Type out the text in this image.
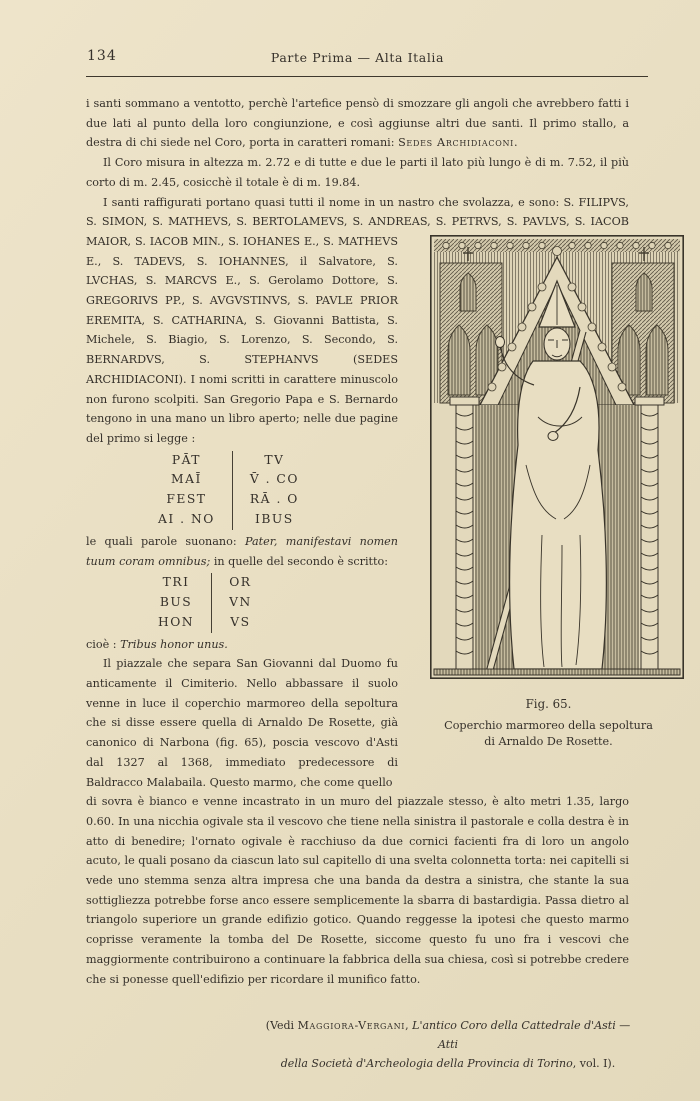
134	Parte Prima — Alta Italia
i santi sommano a ventotto, perchè l'artefice pensò di smozzare gli angoli che avrebbero fatti i due lati al punto della loro congiunzione, e così aggiunse altri due santi. Il primo stallo, a destra di chi siede nel Coro, porta in caratteri romani: Sedes Archidiaconi.
Il Coro misura in altezza m. 2.72 e di tutte e due le parti il lato più lungo è di m. 7.52, il più corto di m. 2.45, cosicchè il totale è di m. 19.84.
I santi raffigurati portano quasi tutti il nome in un nastro che svolazza, e sono: S. FILIPVS, S. SIMON, S. MATHEVS, S. BERTOLAMEVS, S. ANDREAS, S. PETRVS, S. PAVLVS, S. IACOB
Fig. 65.
Coperchio marmoreo della sepoltura
di Arnaldo De Rosette.
MAIOR, S. IACOB MIN., S. IOHANES E., S. MATHEVS E., S. TADEVS, S. IOHANNES, il Salvatore, S. LVCHAS, S. MARCVS E., S. Gerolamo Dottore, S. GREGORIVS PP., S. AVGVSTINVS, S. PAVLE PRIOR EREMITA, S. CATHARINA, S. Giovanni Battista, S. Michele, S. Biagio, S. Lorenzo, S. Secondo, S. BERNARDVS, S. STEPHANVS (SEDES ARCHIDIACONI). I nomi scritti in carattere minuscolo non furono scolpiti. San Gregorio Papa e S. Bernardo tengono in una mano un libro aperto; nelle due pagine del primo si legge :
PĀT	TV
MAĪ	V̄ . CO
FEST	RĀ . O
AI . NO	IBUS
le quali parole suonano: Pater, manifestavi nomen tuum coram omnibus; in quelle del secondo è scritto:
TRI	OR
BUS	VN
HON	VS
cioè : Tribus honor unus.
Il piazzale che separa San Giovanni dal Duomo fu anticamente il Cimiterio. Nello abbassare il suolo venne in luce il coperchio marmoreo della sepoltura che si disse essere quella di Arnaldo De Rosette, già canonico di Narbona (fig. 65), poscia vescovo d'Asti dal 1327 al 1368, immediato predecessore di Baldracco Malabaila. Questo marmo, che come quello
di sovra è bianco e venne incastrato in un muro del piazzale stesso, è alto metri 1.35, largo 0.60. In una nicchia ogivale sta il vescovo che tiene nella sinistra il pastorale e colla destra è in atto di benedire; l'ornato ogivale è racchiuso da due cornici facienti fra di loro un angolo acuto, le quali posano da ciascun lato sul capitello di una svelta colonnetta torta: nei capitelli si vede uno stemma senza altra impresa che una banda da destra a sinistra, che stante la sua sottigliezza potrebbe forse anco essere semplicemente la sbarra di bastardigia. Passa dietro al triangolo superiore un grande edifizio gotico. Quando reggesse la ipotesi che questo marmo coprisse veramente la tomba del De Rosette, siccome questo fu uno fra i vescovi che maggiormente contribuirono a continuare la fabbrica della sua chiesa, così si potrebbe credere che si ponesse quell'edifizio per ricordare il munifico fatto.
(Vedi Maggiora-Vergani, L'antico Coro della Cattedrale d'Asti — Atti
della Società d'Archeologia della Provincia di Torino, vol. I).
